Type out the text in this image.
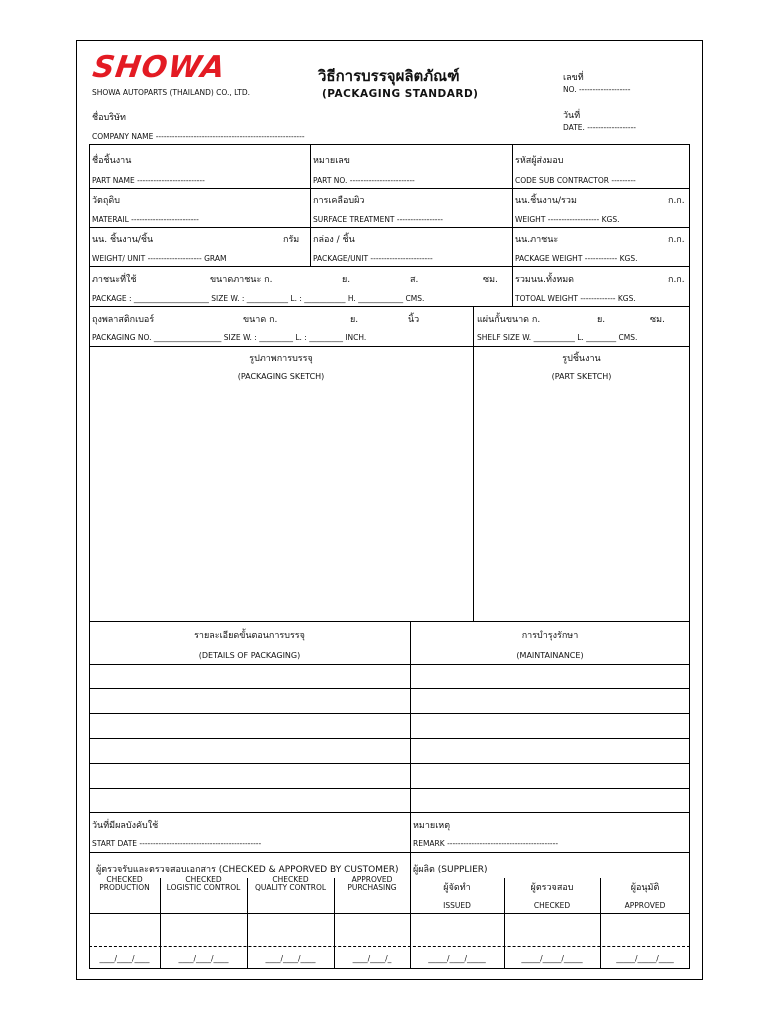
SHOWA
SHOWA AUTOPARTS (THAILAND) CO., LTD.
วิธีการบรรจุผลิตภัณฑ์
(PACKAGING STANDARD)
เลขที่
NO. -------------------
วันที่
DATE. ------------------
ชื่อบริษัท
COMPANY NAME -------------------------------------------------------
ชื่อชิ้นงาน
PART NAME -------------------------
วัตถุดิบ
MATERAIL -------------------------
นน. ชิ้นงาน/ชิ้น	กรัม
WEIGHT/ UNIT -------------------- GRAM
หมายเลข
PART NO. ------------------------
การเคลือบผิว
SURFACE TREATMENT -----------------
กล่อง / ชิ้น
PACKAGE/UNIT -----------------------
รหัสผู้ส่งมอบ
CODE SUB CONTRACTOR ---------
นน.ชิ้นงาน/รวม	ก.ก.
WEIGHT ------------------- KGS.
นน.ภาชนะ	ก.ก.
PACKAGE WEIGHT ------------ KGS.
ภาชนะที่ใช้	ขนาดภาชนะ ก.	ย.	ส.	ซม.
PACKAGE : ____________________ SIZE W. : ___________ L. : ___________ H. ____________ CMS.
รวมนน.ทั้งหมด	ก.ก.
TOTOAL WEIGHT ------------- KGS.
ถุงพลาสติกเบอร์	ขนาด ก.	ย.	นิ้ว
PACKAGING NO. __________________ SIZE W. : _________ L. : _________ INCH.
แผ่นกั้นขนาด ก.	ย.	ซม.
SHELF SIZE W. ___________ L. ________ CMS.
รูปภาพการบรรจุ
(PACKAGING SKETCH)
รูปชิ้นงาน
(PART SKETCH)
รายละเอียดขั้นตอนการบรรจุ
(DETAILS OF PACKAGING)
การบำรุงรักษา
(MAINTAINANCE)
วันที่มีผลบังคับใช้
START DATE ---------------------------------------------
หมายเหตุ
REMARK -----------------------------------------
ผู้ตรวจรับและตรวจสอบเอกสาร (CHECKED & APPORVED BY CUSTOMER) ผู้ผลิต (SUPPLIER)
CHECKED
PRODUCTION
CHECKED
LOGISTIC CONTROL
CHECKED
QUALITY CONTROL
APPROVED
PURCHASING	ผู้จัดทำ
ISSUED
ผู้ตรวจสอบ
CHECKED
ผู้อนุมัติ
APPROVED
____/____/____	____/____/____	____/____/____	____/____/_	_____/____/_____	_____/_____/_____	_____/_____/____
